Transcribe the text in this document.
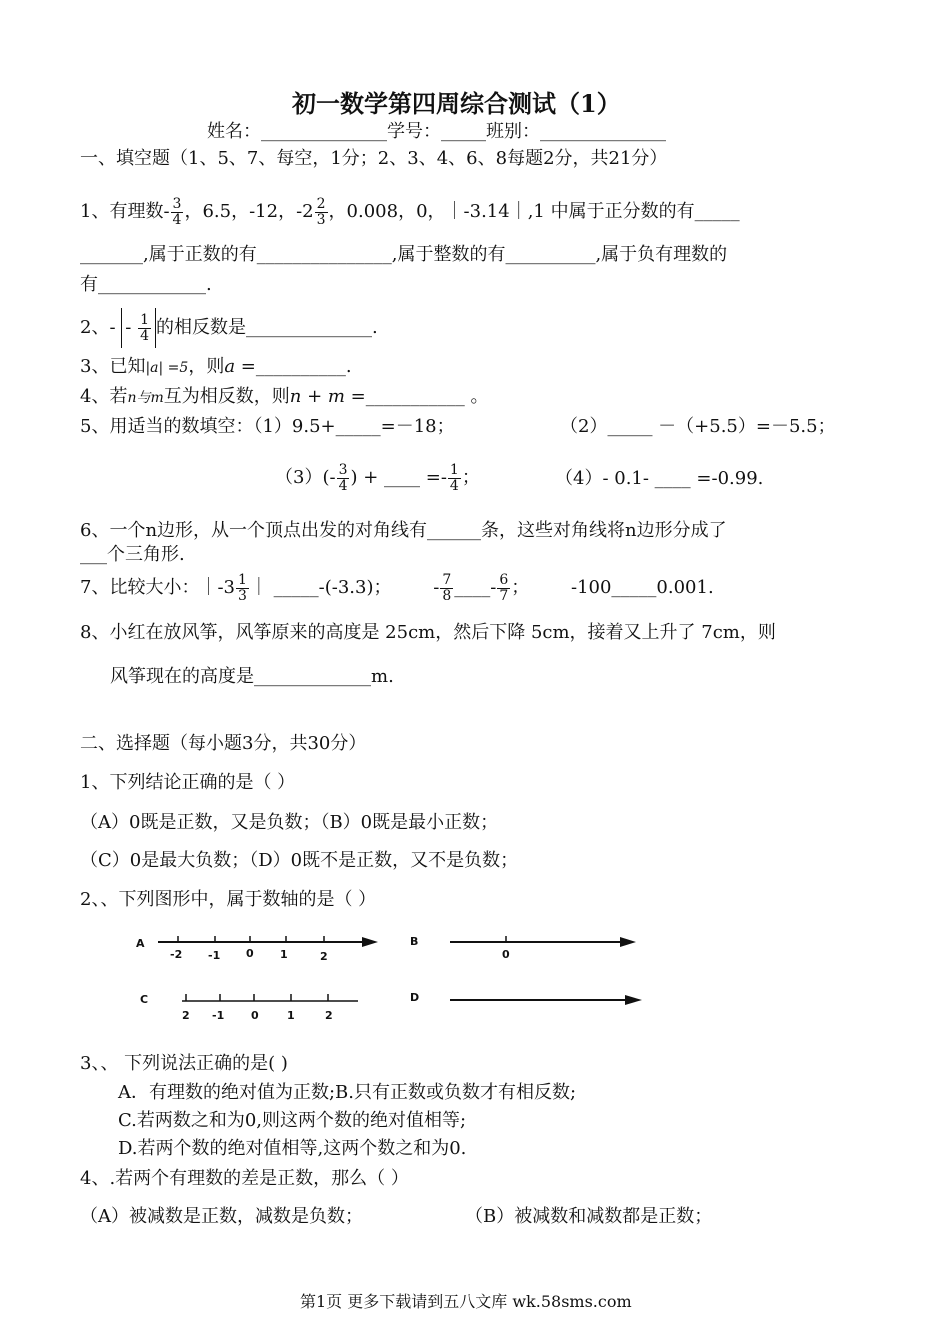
初一数学第四周综合测试（1）
姓名：______________学号：_____班别：______________
一、填空题（1、5、7、每空，1分；2、3、4、6、8每题2分，共21分）
1、有理数- $\frac{3}{4}$ ，6.5，-12，$-2 \frac{2}{3}$ ，0.008，0，｜-3.14｜,1 中属于正分数的有_____
_______,属于正数的有_______________,属于整数的有__________,属于负有理数的
有____________.
2、- - $\frac{1}{4}$ 的相反数是______________.
3、已知|a| =5，则a =__________.
4、若n与m互为相反数，则n + m =___________ 。
5、用适当的数填空：（1）9.5+_____=－18；	（2）_____ －（+5.5）=－5.5；
$(3)(- \frac{3}{4}$ ) + ____ =- $\frac{1}{4}$ ；	（4）- 0.1- ____ =-0.99.
6、一个n边形，从一个顶点出发的对角线有______条，这些对角线将n边形分成了
___个三角形.
7、比较大小：｜-3 $\frac{1}{3}$ ｜ _____-(-3.3)； - $\frac{7}{8}$ ____- $\frac{6}{7}$ ； -100_____0.001.
8、小红在放风筝，风筝原来的高度是 25cm，然后下降 5cm，接着又上升了 7cm，则
风筝现在的高度是_____________m.
二、选择题（每小题3分，共30分）
1、下列结论正确的是（ ）
（A）0既是正数，又是负数；（B）0既是最小正数；
（C）0是最大负数；（D）0既不是正数，又不是负数；
2、、下列图形中，属于数轴的是（ ）
A
-2 -1 0 1	2
B
0
C
2 -1 0	1	2
D
3、、 下列说法正确的是( )
A．有理数的绝对值为正数;B.只有正数或负数才有相反数;
C.若两数之和为0,则这两个数的绝对值相等;
D.若两个数的绝对值相等,这两个数之和为0.
4、.若两个有理数的差是正数，那么（ ）
（A）被减数是正数，减数是负数；	（B）被减数和减数都是正数；
第1页 更多下载请到五八文库 wk.58sms.com
